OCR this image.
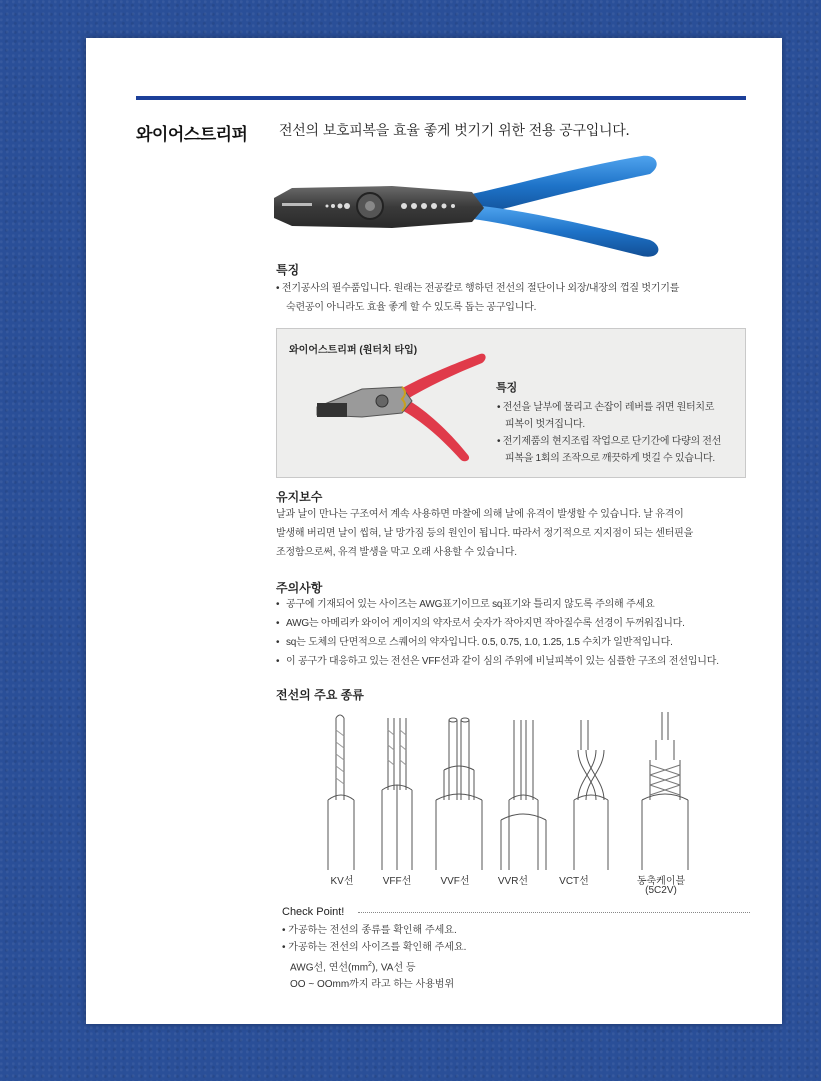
와이어스트리퍼 전선의 보호피복을 효율 좋게 벗기기 위한 전용 공구입니다.
특징
• 전기공사의 필수품입니다. 원래는 전공칼로 행하던 전선의 절단이나 외장/내장의 껍질 벗기기를
숙련공이 아니라도 효율 좋게 할 수 있도록 돕는 공구입니다.
와이어스트리퍼 (원터치 타입)
특징
• 전선을 날부에 물리고 손잡이 레버를 쥐면 원터치로
피복이 벗겨집니다.
• 전기제품의 현지조립 작업으로 단기간에 다량의 전선
피복을 1회의 조작으로 깨끗하게 벗길 수 있습니다.
유지보수
날과 날이 만나는 구조여서 계속 사용하면 마찰에 의해 날에 유격이 발생할 수 있습니다. 날 유격이
발생해 버리면 날이 씹혀, 날 망가짐 등의 원인이 됩니다. 따라서 정기적으로 지지점이 되는 센터핀을
조정함으로써, 유격 발생을 막고 오래 사용할 수 있습니다.
주의사항
• 공구에 기재되어 있는 사이즈는 AWG표기이므로 sq표기와 틀리지 않도록 주의해 주세요
• AWG는 아메리카 와이어 게이지의 약자로서 숫자가 작아지면 작아질수록 선경이 두꺼워집니다.
• sq는 도체의 단면적으로 스퀘어의 약자입니다. 0.5, 0.75, 1.0, 1.25, 1.5 수치가 일반적입니다.
• 이 공구가 대응하고 있는 전선은 VFF선과 같이 심의 주위에 비닐피복이 있는 심플한 구조의 전선입니다.
전선의 주요 종류
KV선	VFF선	VVF선	VVR선	VCT선	동축케이블
(5C2V)
Check Point!
• 가공하는 전선의 종류를 확인해 주세요.
• 가공하는 전선의 사이즈를 확인해 주세요.
AWG선, 연선$(mm^2)$, VA선 등
OO ~ OOmm까지 라고 하는 사용범위
